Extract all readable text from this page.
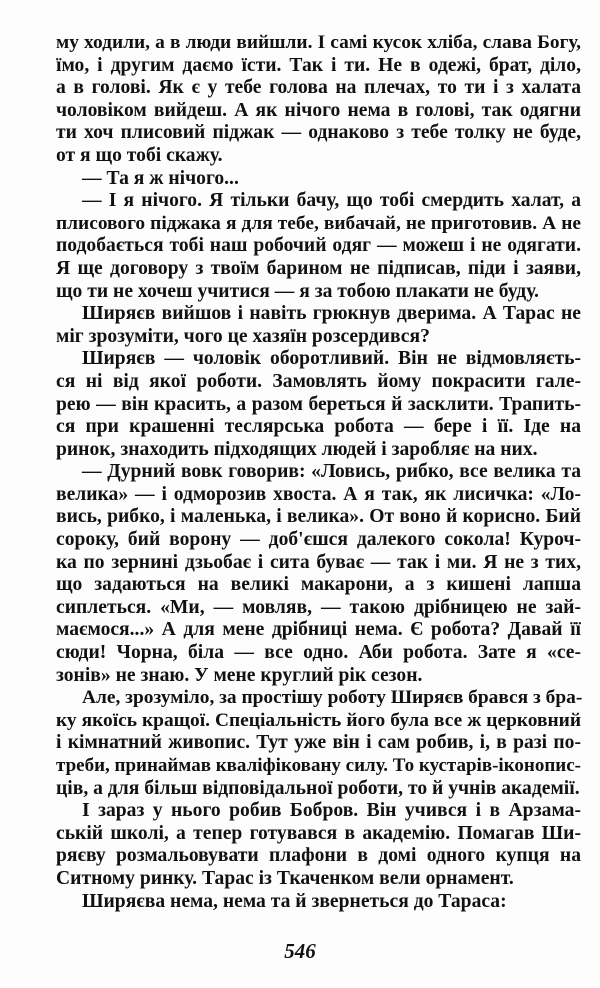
му ходили, а в люди вийшли. І самі кусок хліба, слава Богу,
їмо, і другим даємо їсти. Так і ти. Не в одежі, брат, діло,
а в голові. Як є у тебе голова на плечах, то ти і з халата
чоловіком вийдеш. А як нічого нема в голові, так одягни
ти хоч плисовий піджак — однаково з тебе толку не буде,
от я що тобі скажу.
— Та я ж нічого...
— І я нічого. Я тільки бачу, що тобі смердить халат, а
плисового піджака я для тебе, вибачай, не приготовив. А не
подобається тобі наш робочий одяг — можеш і не одягати.
Я ще договору з твоїм барином не підписав, піди і заяви,
що ти не хочеш учитися — я за тобою плакати не буду.
Ширяєв вийшов і навіть грюкнув дверима. А Тарас не
міг зрозуміти, чого це хазяїн розсердився?
Ширяєв — чоловік оборотливий. Він не відмовляєть-
ся ні від якої роботи. Замовлять йому покрасити гале-
рею — він красить, а разом береться й засклити. Трапить-
ся при крашенні теслярська робота — бере і її. Іде на
ринок, знаходить підходящих людей і заробляє на них.
— Дурний вовк говорив: «Ловись, рибко, все велика та
велика» — і одморозив хвоста. А я так, як лисичка: «Ло-
вись, рибко, і маленька, і велика». От воно й корисно. Бий
сороку, бий ворону — доб'єшся далекого сокола! Куроч-
ка по зернині дзьобає і сита буває — так і ми. Я не з тих,
що задаються на великі макарони, а з кишені лапша
сиплеться. «Ми, — мовляв, — такою дрібницею не зай-
маємося...» А для мене дрібниці нема. Є робота? Давай її
сюди! Чорна, біла — все одно. Аби робота. Зате я «се-
зонів» не знаю. У мене круглий рік сезон.
Але, зрозуміло, за простішу роботу Ширяєв брався з бра-
ку якоїсь кращої. Спеціальність його була все ж церковний
і кімнатний живопис. Тут уже він і сам робив, і, в разі по-
треби, принаймав кваліфіковану силу. То кустарів-іконопис-
ців, а для більш відповідальної роботи, то й учнів академії.
І зараз у нього робив Бобров. Він учився і в Арзама-
ській школі, а тепер готувався в академію. Помагав Ши-
ряєву розмальовувати плафони в домі одного купця на
Ситному ринку. Тарас із Ткаченком вели орнамент.
Ширяєва нема, нема та й звернеться до Тараса:
546
